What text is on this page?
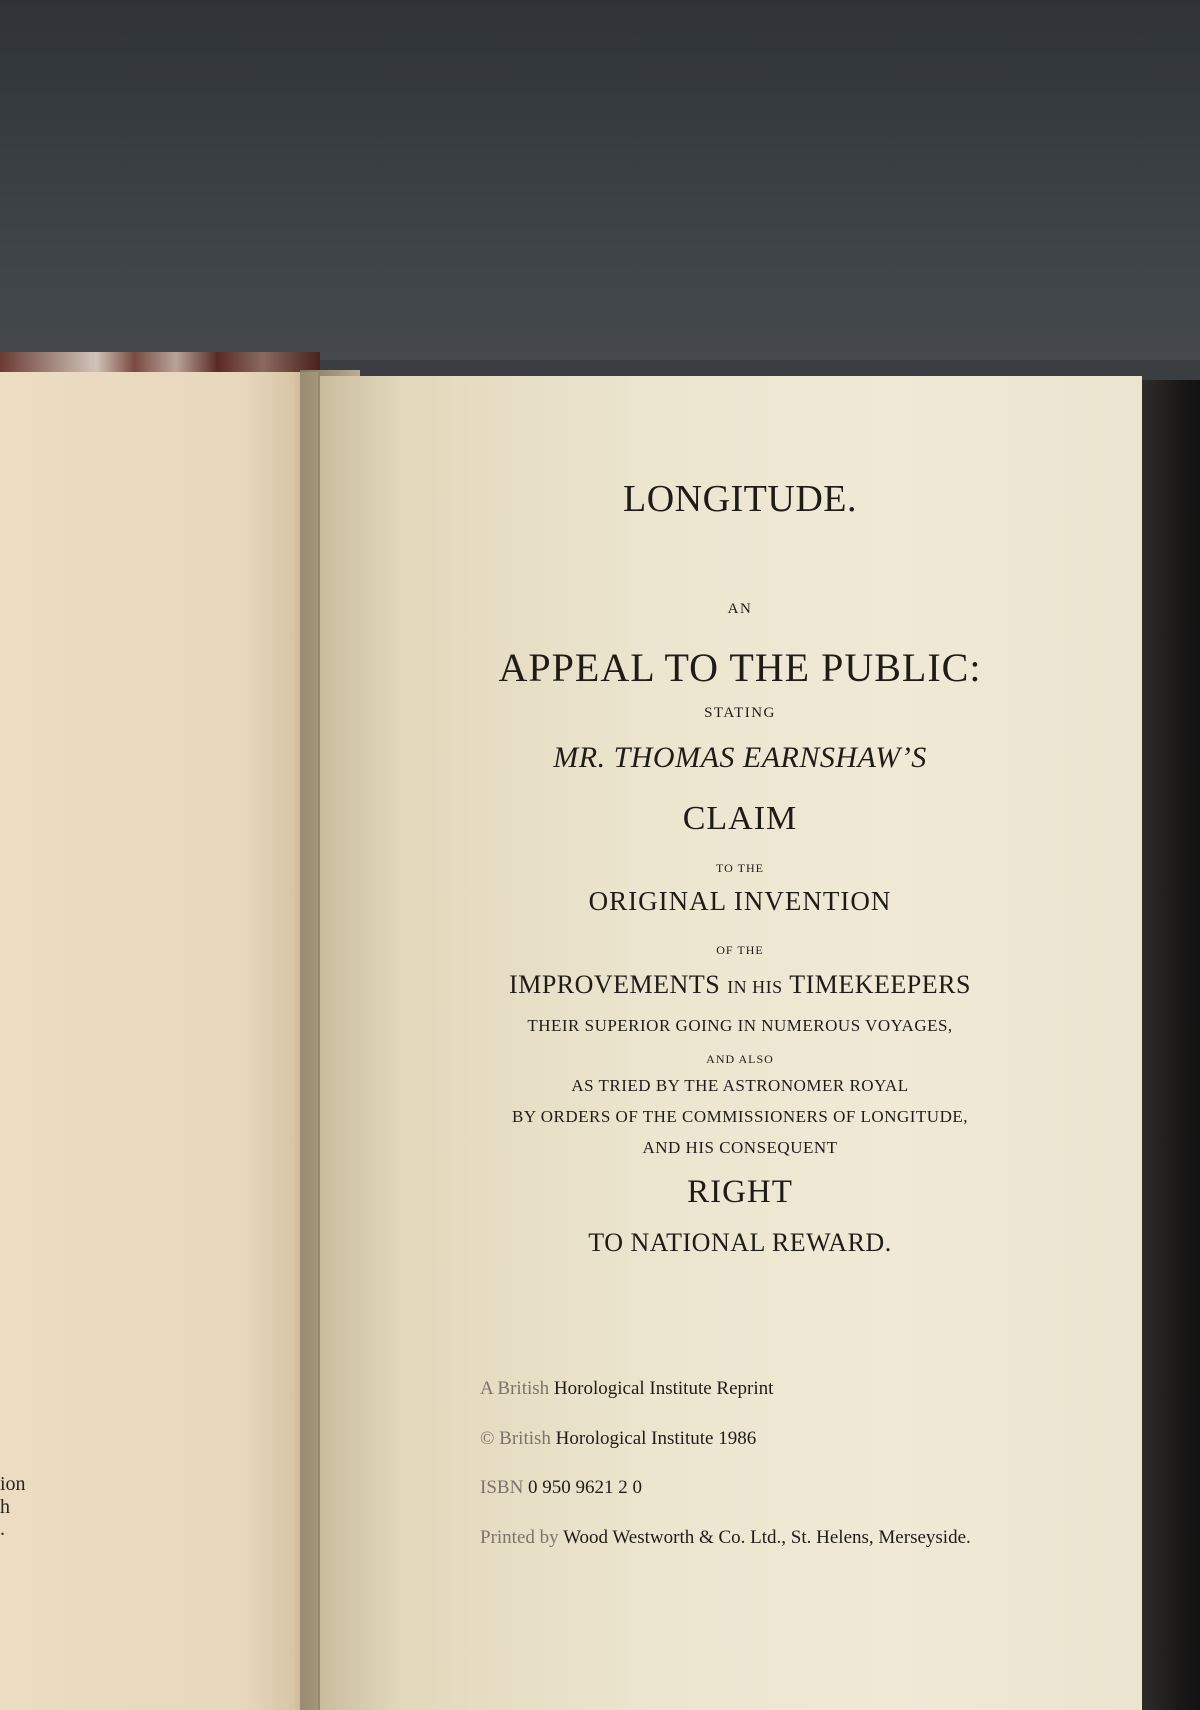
ion
h
.
LONGITUDE.
AN
APPEAL TO THE PUBLIC:
STATING
MR. THOMAS EARNSHAW’S
CLAIM
TO THE
ORIGINAL INVENTION
OF THE
IMPROVEMENTS IN HIS TIMEKEEPERS
THEIR SUPERIOR GOING IN NUMEROUS VOYAGES,
AND ALSO
AS TRIED BY THE ASTRONOMER ROYAL
BY ORDERS OF THE COMMISSIONERS OF LONGITUDE,
AND HIS CONSEQUENT
RIGHT
TO NATIONAL REWARD.
A British Horological Institute Reprint
© British Horological Institute 1986
ISBN 0 950 9621 2 0
Printed by Wood Westworth & Co. Ltd., St. Helens, Merseyside.
